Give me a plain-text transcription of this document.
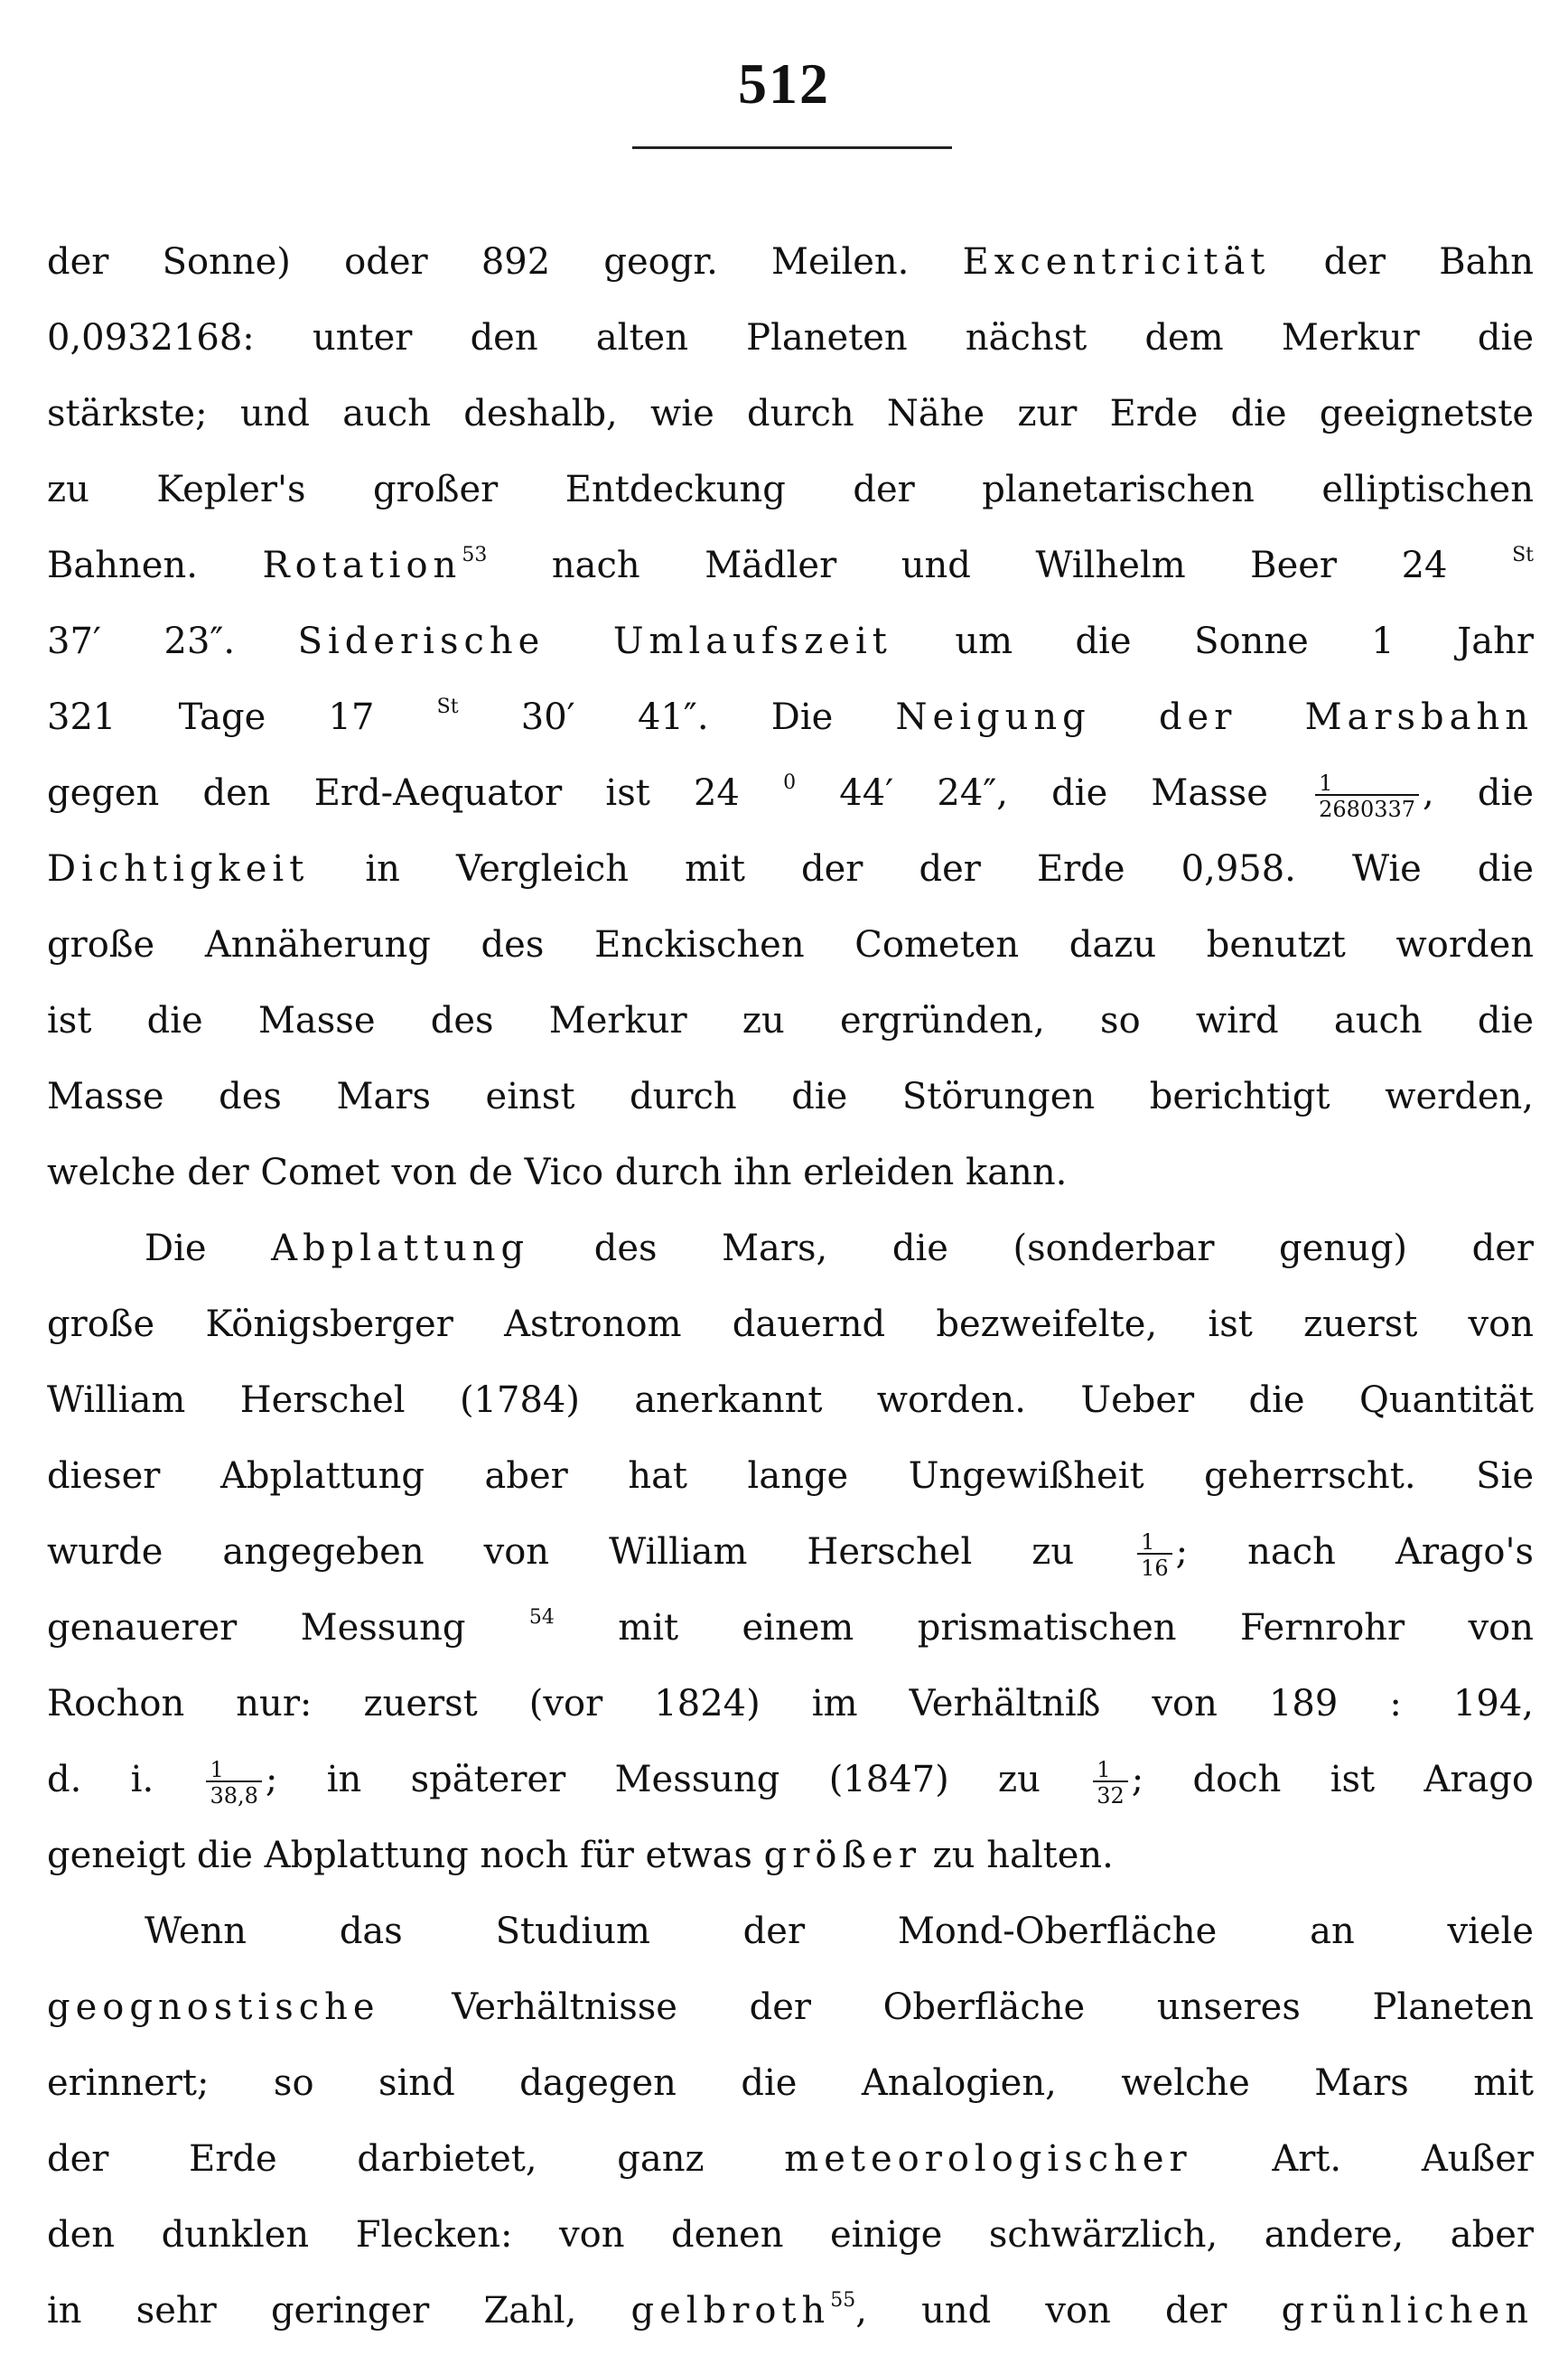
512
der Sonne) oder 892 geogr. Meilen. Excentricität der Bahn
0,0932168: unter den alten Planeten nächst dem Merkur die
stärkste; und auch deshalb, wie durch Nähe zur Erde die geeignetste
zu Kepler's großer Entdeckung der planetarischen elliptischen
Bahnen. Rotation$^{53}$ nach Mädler und Wilhelm Beer 24	$^{St}$
37′ 23″. Siderische Umlaufszeit um die Sonne 1 Jahr
321 Tage 17	$^{St}$ 30′ 41″. Die Neigung der Marsbahn
gegen den Erd-Aequator ist 24 $^0$ 44′ 24″, die Masse $\frac{1}{2680337}$ , die
Dichtigkeit in Vergleich mit der der Erde 0,958. Wie die
große Annäherung des Enckischen Cometen dazu benutzt worden
ist die Masse des Merkur zu ergründen, so wird auch die
Masse des Mars einst durch die Störungen berichtigt werden,
welche der Comet von de Vico durch ihn erleiden kann.
Die Abplattung des Mars, die (sonderbar genug) der
große Königsberger Astronom dauernd bezweifelte, ist zuerst von
William Herschel (1784) anerkannt worden. Ueber die Quantität
dieser Abplattung aber hat lange Ungewißheit geherrscht. Sie
wurde angegeben von William Herschel zu $\frac{1}{16}$ ; nach Arago's
genauerer Messung	$^{54}$ mit einem prismatischen Fernrohr von
Rochon nur: zuerst (vor 1824) im Verhältniß von 189 : 194,
d. i. $\frac{1}{38,8}$ ; in späterer Messung (1847) zu $\frac{1}{32}$ ; doch ist Arago
geneigt die Abplattung noch für etwas größer zu halten.
Wenn das Studium der Mond-Oberfläche an viele
geognostische Verhältnisse der Oberfläche unseres Planeten
erinnert; so sind dagegen die Analogien, welche Mars mit
der Erde darbietet, ganz meteorologischer Art. Außer
den dunklen Flecken: von denen einige schwärzlich, andere, aber
in sehr geringer Zahl, gelbroth$^{55}$, und von der grünlichen
